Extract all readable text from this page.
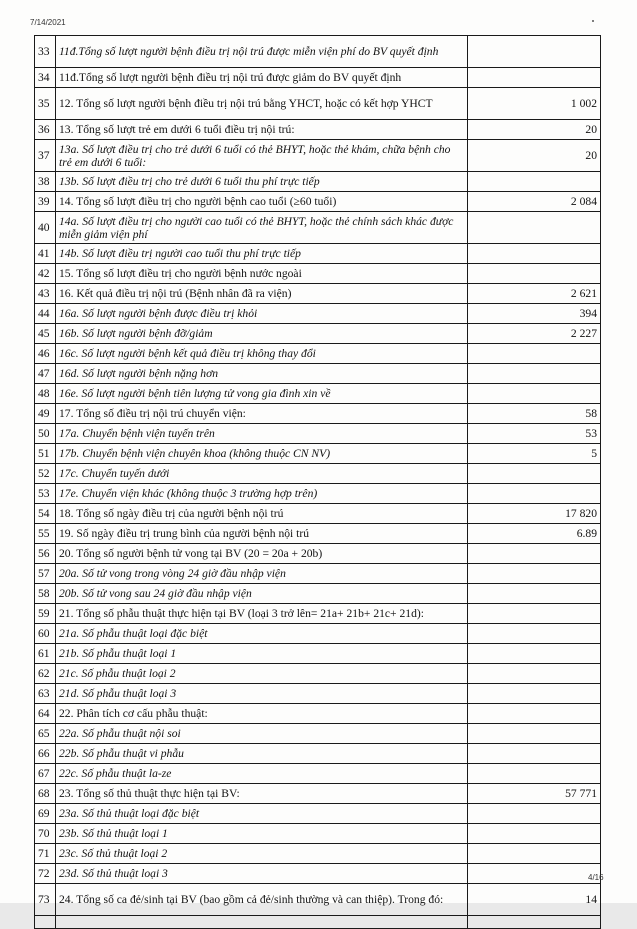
7/14/2021
33	11đ.Tổng số lượt người bệnh điều trị nội trú được miễn viện phí do BV quyết định	
34	11đ.Tổng số lượt người bệnh điều trị nội trú được giảm do BV quyết định	
35	12. Tổng số lượt người bệnh điều trị nội trú bằng YHCT, hoặc có kết hợp YHCT	1 002
36	13. Tổng số lượt trẻ em dưới 6 tuổi điều trị nội trú:	20
37	13a. Số lượt điều trị cho trẻ dưới 6 tuổi có thẻ BHYT, hoặc thẻ khám, chữa bệnh cho trẻ em dưới 6 tuổi:	20
38	13b. Số lượt điều trị cho trẻ dưới 6 tuổi thu phí trực tiếp	
39	14. Tổng số lượt điều trị cho người bệnh cao tuổi (≥60 tuổi)	2 084
40	14a. Số lượt điều trị cho người cao tuổi có thẻ BHYT, hoặc thẻ chính sách khác được miễn giảm viện phí	
41	14b. Số lượt điều trị người cao tuổi thu phí trực tiếp	
42	15. Tổng số lượt điều trị cho người bệnh nước ngoài	
43	16. Kết quả điều trị nội trú (Bệnh nhân đã ra viện)	2 621
44	16a. Số lượt người bệnh được điều trị khỏi	394
45	16b. Số lượt người bệnh đỡ/giảm	2 227
46	16c. Số lượt người bệnh kết quả điều trị không thay đổi	
47	16d. Số lượt người bệnh nặng hơn	
48	16e. Số lượt người bệnh tiên lượng tử vong gia đình xin về	
49	17. Tổng số điều trị nội trú chuyển viện:	58
50	17a. Chuyển bệnh viện tuyến trên	53
51	17b. Chuyển bệnh viện chuyên khoa (không thuộc CN NV)	5
52	17c. Chuyển tuyến dưới	
53	17e. Chuyển viện khác (không thuộc 3 trường hợp trên)	
54	18. Tổng số ngày điều trị của người bệnh nội trú	17 820
55	19. Số ngày điều trị trung bình của người bệnh nội trú	6.89
56	20. Tổng số người bệnh tử vong tại BV (20 = 20a + 20b)	
57	20a. Số tử vong trong vòng 24 giờ đầu nhập viện	
58	20b. Số tử vong sau 24 giờ đầu nhập viện	
59	21. Tổng số phẫu thuật thực hiện tại BV (loại 3 trở lên= 21a+ 21b+ 21c+ 21d):	
60	21a. Số phẫu thuật loại đặc biệt	
61	21b. Số phẫu thuật loại 1	
62	21c. Số phẫu thuật loại 2	
63	21d. Số phẫu thuật loại 3	
64	22. Phân tích cơ cấu phẫu thuật:	
65	22a. Số phẫu thuật nội soi	
66	22b. Số phẫu thuật vi phẫu	
67	22c. Số phẫu thuật la-ze	
68	23. Tổng số thủ thuật thực hiện tại BV:	57 771
69	23a. Số thủ thuật loại đặc biệt	
70	23b. Số thủ thuật loại 1	
71	23c. Số thủ thuật loại 2	
72	23d. Số thủ thuật loại 3	
73	24. Tổng số ca đẻ/sinh tại BV (bao gồm cả đẻ/sinh thường và can thiệp). Trong đó:	14

4/16
